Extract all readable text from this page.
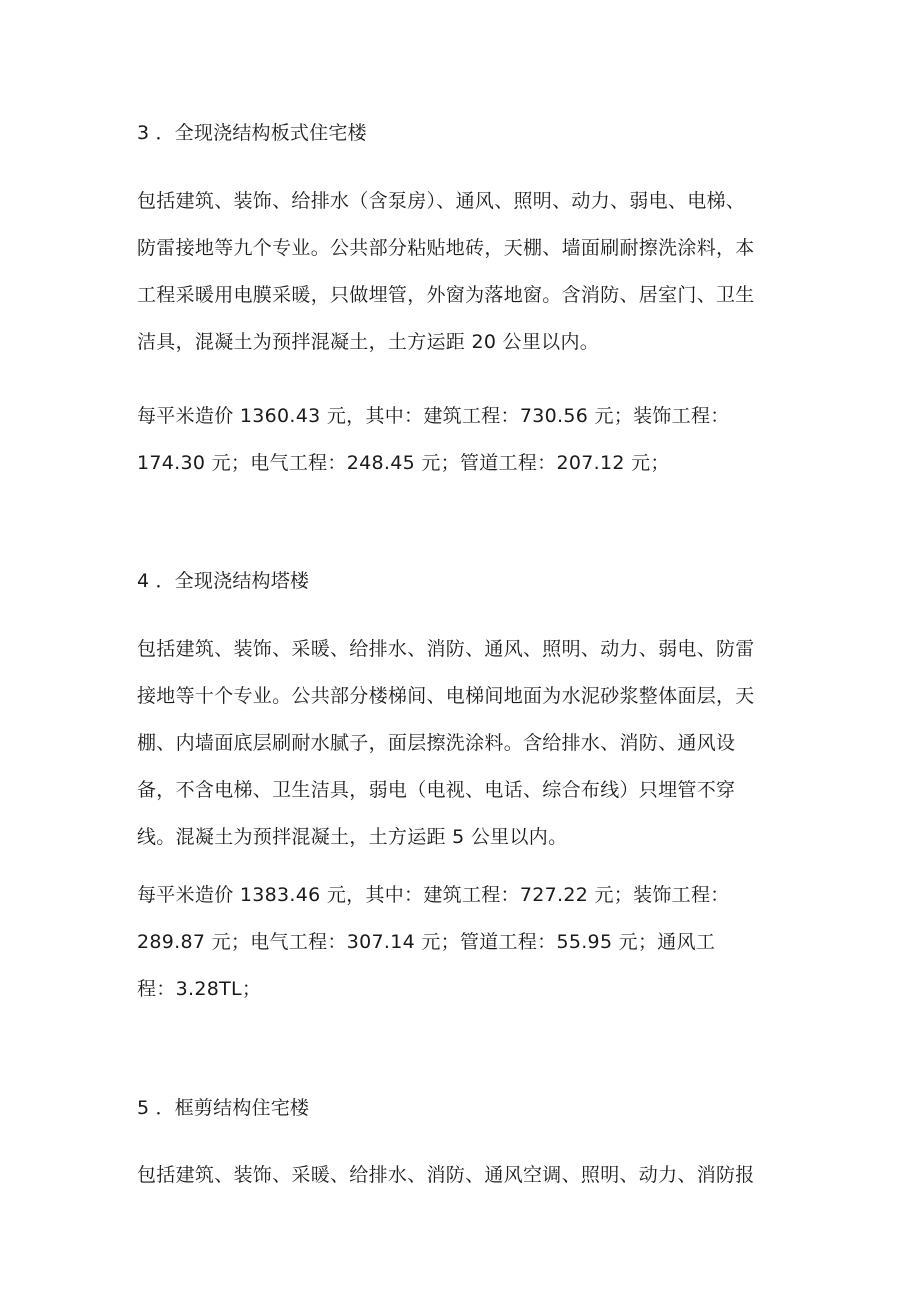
3 ．全现浇结构板式住宅楼
包括建筑、装饰、给排水（含泵房）、通风、照明、动力、弱电、电梯、
防雷接地等九个专业。公共部分粘贴地砖，天棚、墙面刷耐擦洗涂料，本
工程采暖用电膜采暖，只做埋管，外窗为落地窗。含消防、居室门、卫生
洁具，混凝土为预拌混凝土，土方运距 20 公里以内。
每平米造价 1360.43 元，其中：建筑工程：730.56 元；装饰工程：
174.30 元；电气工程：248.45 元；管道工程：207.12 元；
4 ．全现浇结构塔楼
包括建筑、装饰、采暖、给排水、消防、通风、照明、动力、弱电、防雷
接地等十个专业。公共部分楼梯间、电梯间地面为水泥砂浆整体面层，天
棚、内墙面底层刷耐水腻子，面层擦洗涂料。含给排水、消防、通风设
备，不含电梯、卫生洁具，弱电（电视、电话、综合布线）只埋管不穿
线。混凝土为预拌混凝土，土方运距 5 公里以内。
每平米造价 1383.46 元，其中：建筑工程：727.22 元；装饰工程：
289.87 元；电气工程：307.14 元；管道工程：55.95 元；通风工
程：3.28TL；
5 ．框剪结构住宅楼
包括建筑、装饰、采暖、给排水、消防、通风空调、照明、动力、消防报
